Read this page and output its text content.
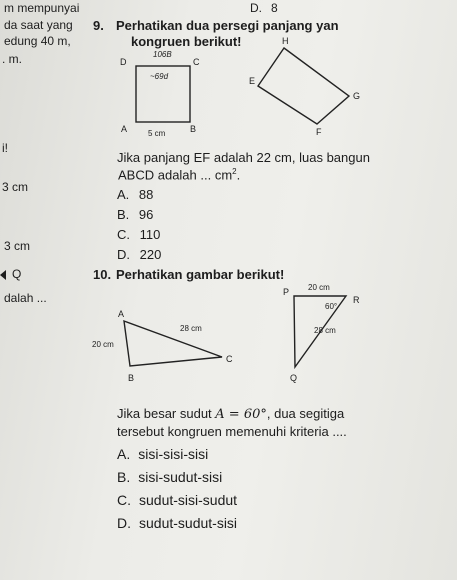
m mempunyai
da saat yang
edung 40 m,
. m.
i!
3 cm
3 cm
Q
dalah ...
D. 8
9. Perhatikan dua persegi panjang yan
kongruen berikut!
D	C
A	B
5 cm
106B
~69d
H
E
G
F
Jika panjang EF adalah 22 cm, luas bangun
ABCD adalah ... $cm^2$.
A. 88
B. 96
C. 110
D. 220
10. Perhatikan gambar berikut!
A
B
C
28 cm
20 cm
P
R
Q
20 cm
60°
28 cm
Jika besar sudut A = 60°, dua segitiga
tersebut kongruen memenuhi kriteria ....
A. sisi-sisi-sisi
B. sisi-sudut-sisi
C. sudut-sisi-sudut
D. sudut-sudut-sisi
